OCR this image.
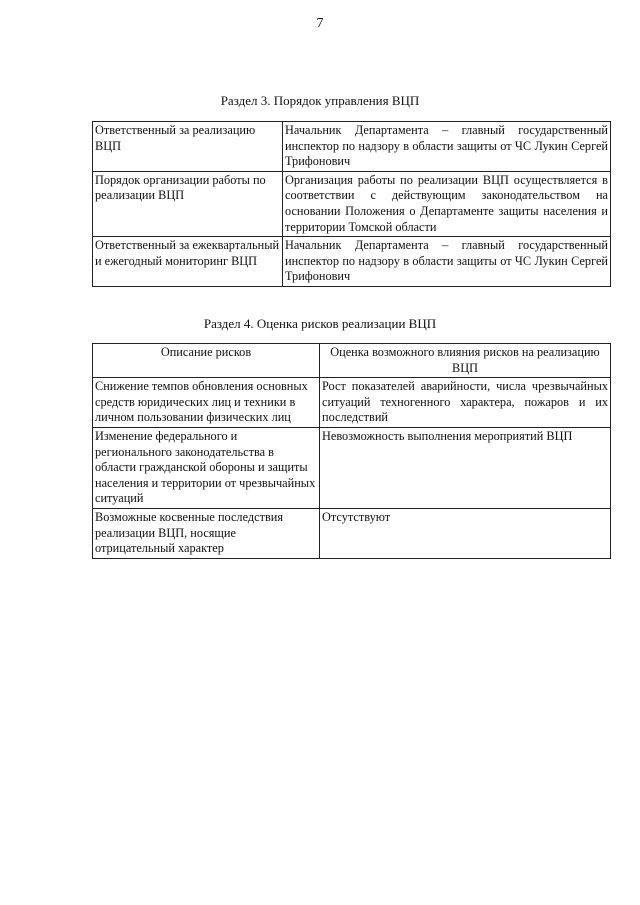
7
Раздел 3. Порядок управления ВЦП
Ответственный за реализацию ВЦП	Начальник Департамента – главный государственный инспектор по надзору в области защиты от ЧС Лукин Сергей Трифонович
Порядок организации работы по реализации ВЦП	Организация работы по реализации ВЦП осуществляется в соответствии с действующим законодательством на основании Положения о Департаменте защиты населения и территории Томской области
Ответственный за ежеквартальный и ежегодный мониторинг ВЦП	Начальник Департамента – главный государственный инспектор по надзору в области защиты от ЧС Лукин Сергей Трифонович
Раздел 4. Оценка рисков реализации ВЦП
Описание рисков	Оценка возможного влияния рисков на реализацию ВЦП
Снижение темпов обновления основных средств юридических лиц и техники в личном пользовании физических лиц	Рост показателей аварийности, числа чрезвычайных ситуаций техногенного характера, пожаров и их последствий
Изменение федерального и регионального законодательства в области гражданской обороны и защиты населения и территории от чрезвычайных ситуаций	Невозможность выполнения мероприятий ВЦП
Возможные косвенные последствия реализации ВЦП, носящие отрицательный характер	Отсутствуют
